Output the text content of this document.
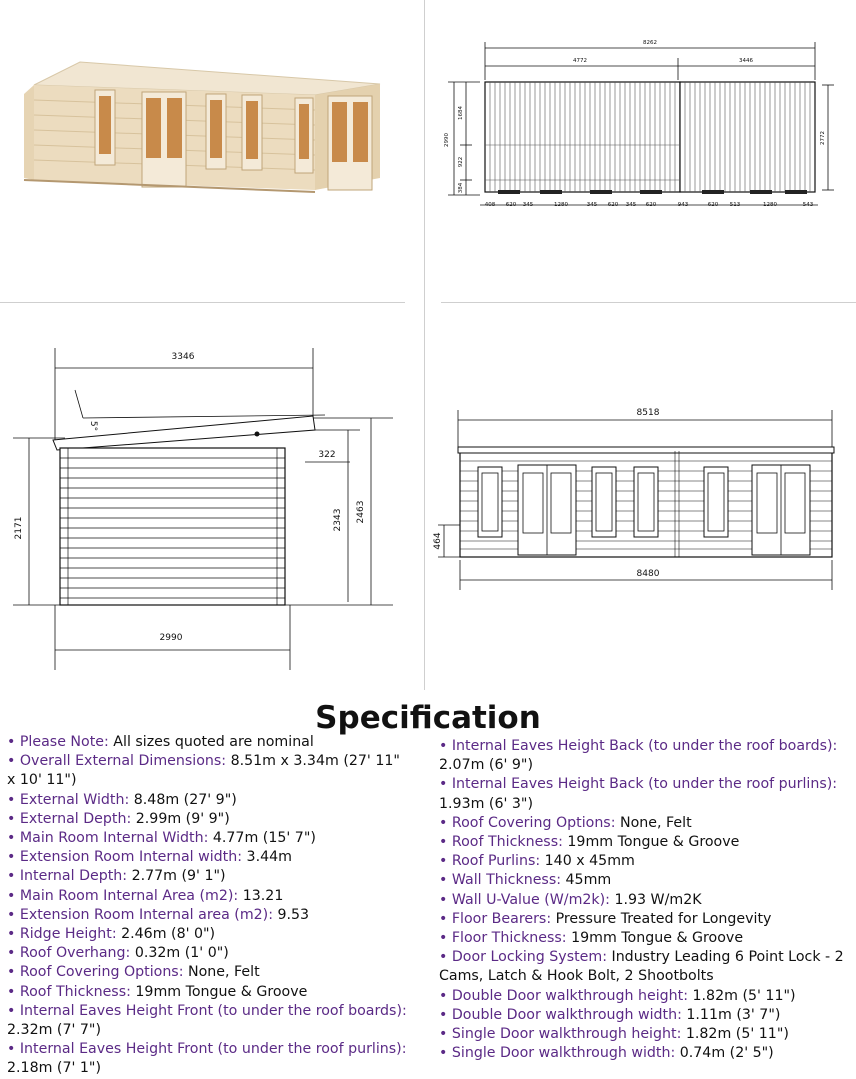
8262
4772	3446
2990
1684
922
384
2772
408 620 345	1280	345 620 345 620	943	620 513	1280	543
3346
5°
322
2171	2343 2463
2990
8518
8480
464
Specification
• Please Note: All sizes quoted are nominal
• Overall External Dimensions: 8.51m x 3.34m (27' 11" x 10' 11")
• External Width: 8.48m (27' 9")
• External Depth: 2.99m (9' 9")
• Main Room Internal Width: 4.77m (15' 7")
• Extension Room Internal width: 3.44m
• Internal Depth: 2.77m (9' 1")
• Main Room Internal Area (m2): 13.21
• Extension Room Internal area (m2): 9.53
• Ridge Height: 2.46m (8' 0")
• Roof Overhang: 0.32m (1' 0")
• Roof Covering Options: None, Felt
• Roof Thickness: 19mm Tongue & Groove
• Internal Eaves Height Front (to under the roof boards): 2.32m (7' 7")
• Internal Eaves Height Front (to under the roof purlins): 2.18m (7' 1")
• Internal Eaves Height Back (to under the roof boards): 2.07m (6' 9")
• Internal Eaves Height Back (to under the roof purlins): 1.93m (6' 3")
• Roof Covering Options: None, Felt
• Roof Thickness: 19mm Tongue & Groove
• Roof Purlins: 140 x 45mm
• Wall Thickness: 45mm
• Wall U-Value (W/m2k): 1.93 W/m2K
• Floor Bearers: Pressure Treated for Longevity
• Floor Thickness: 19mm Tongue & Groove
• Door Locking System: Industry Leading 6 Point Lock - 2 Cams, Latch & Hook Bolt, 2 Shootbolts
• Double Door walkthrough height: 1.82m (5' 11")
• Double Door walkthrough width: 1.11m (3' 7")
• Single Door walkthrough height: 1.82m (5' 11")
• Single Door walkthrough width: 0.74m (2' 5")
